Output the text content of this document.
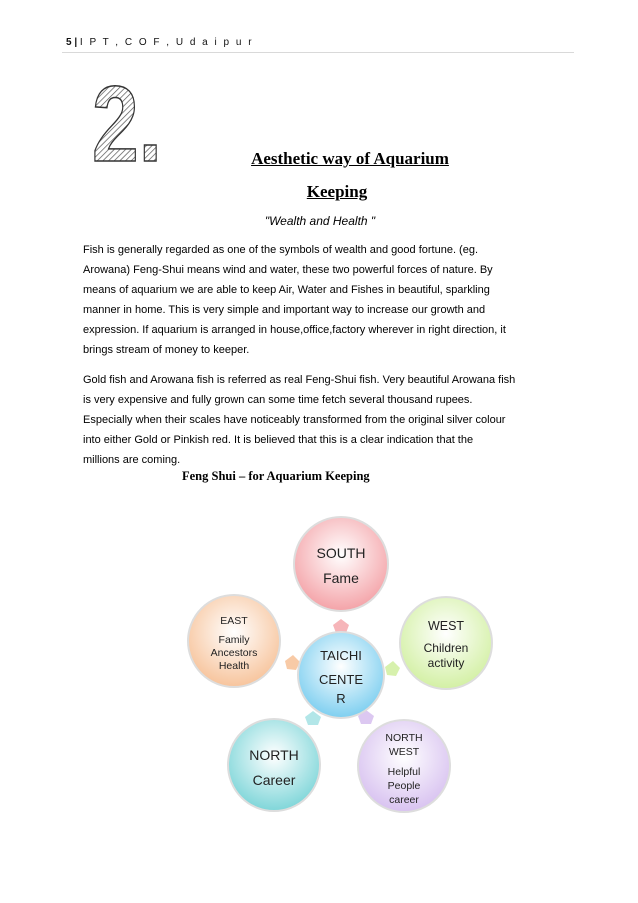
5 | I P T , C O F , U d a i p u r
2.	Aesthetic way of Aquarium
Keeping
"Wealth and Health "
Fish is generally regarded as one of the symbols of wealth and good fortune. (eg.
Arowana) Feng-Shui means wind and water, these two powerful forces of nature. By
means of aquarium we are able to keep Air, Water and Fishes in beautiful, sparkling
manner in home. This is very simple and important way to increase our growth and
expression. If aquarium is arranged in house,office,factory wherever in right direction, it
brings stream of money to keeper.
Gold fish and Arowana fish is referred as real Feng-Shui fish. Very beautiful Arowana fish
is very expensive and fully grown can some time fetch several thousand rupees.
Especially when their scales have noticeably transformed from the original silver colour
into either Gold or Pinkish red. It is believed that this is a clear indication that the
millions are coming.
Feng Shui – for Aquarium Keeping
SOUTH
Fame
WEST
Children
activity
EAST
Family
Ancestors
Health
TAICHI
CENTE
R
NORTH
Career
NORTH
WEST
Helpful
People
career
